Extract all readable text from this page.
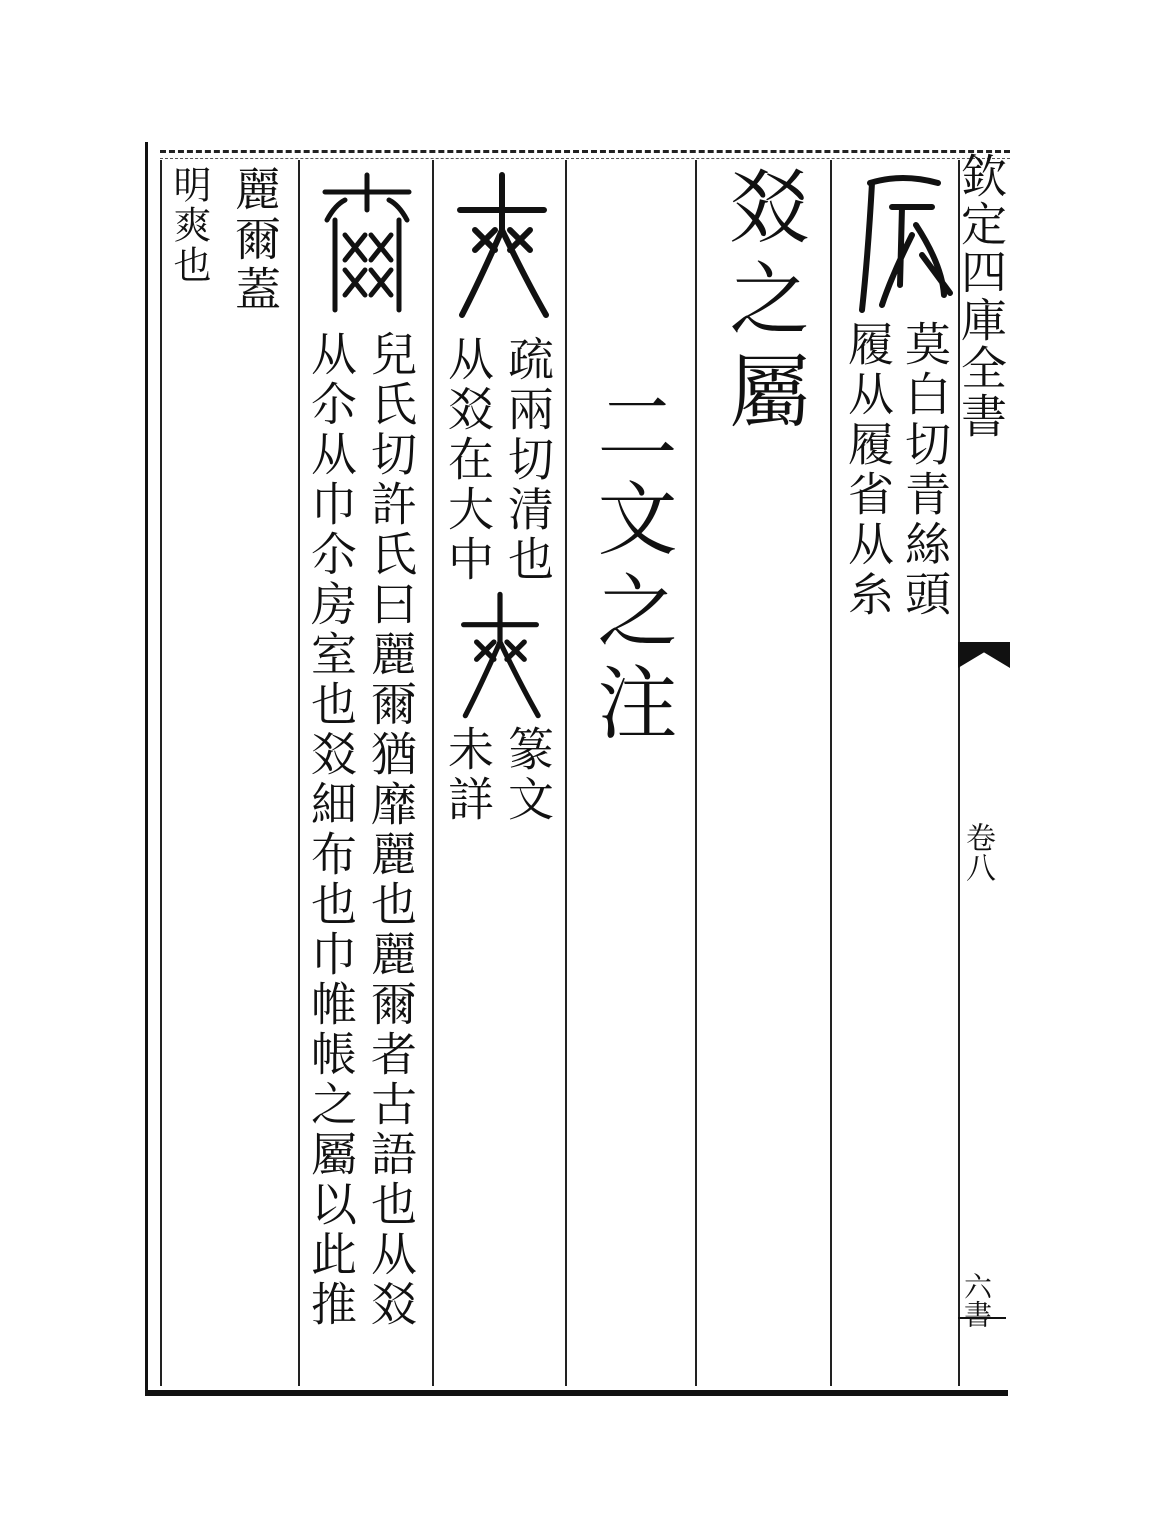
欽定四庫全書
卷八
六書
莫白切青絲頭
履从履省从糸
㸚之屬
二文之注
疏兩切清也
从㸚在大中
篆文
未詳
兒氏切許氏曰麗爾猶靡麗也麗爾者古語也从㸚
从尒从巾尒房室也㸚細布也巾帷帳之屬以此推
麗爾蓋
明爽也
